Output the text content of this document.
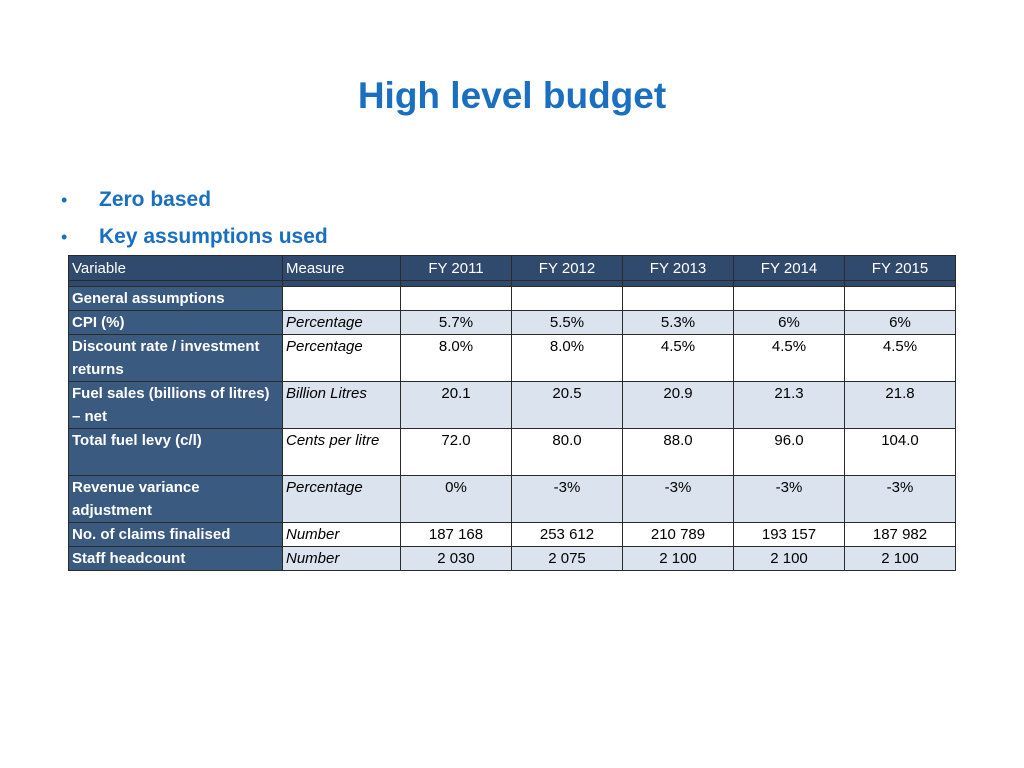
High level budget
• Zero based
• Key assumptions used
Variable	Measure	FY 2011	FY 2012	FY 2013	FY 2014	FY 2015

General assumptions						
CPI (%)	Percentage	5.7%	5.5%	5.3%	6%	6%
Discount rate / investment returns	Percentage	8.0%	8.0%	4.5%	4.5%	4.5%
Fuel sales (billions of litres) – net	Billion Litres	20.1	20.5	20.9	21.3	21.8
Total fuel levy (c/l)	Cents per litre	72.0	80.0	88.0	96.0	104.0
Revenue variance adjustment	Percentage	0%	-3%	-3%	-3%	-3%
No. of claims finalised	Number	187 168	253 612	210 789	193 157	187 982
Staff headcount	Number	2 030	2 075	2 100	2 100	2 100
